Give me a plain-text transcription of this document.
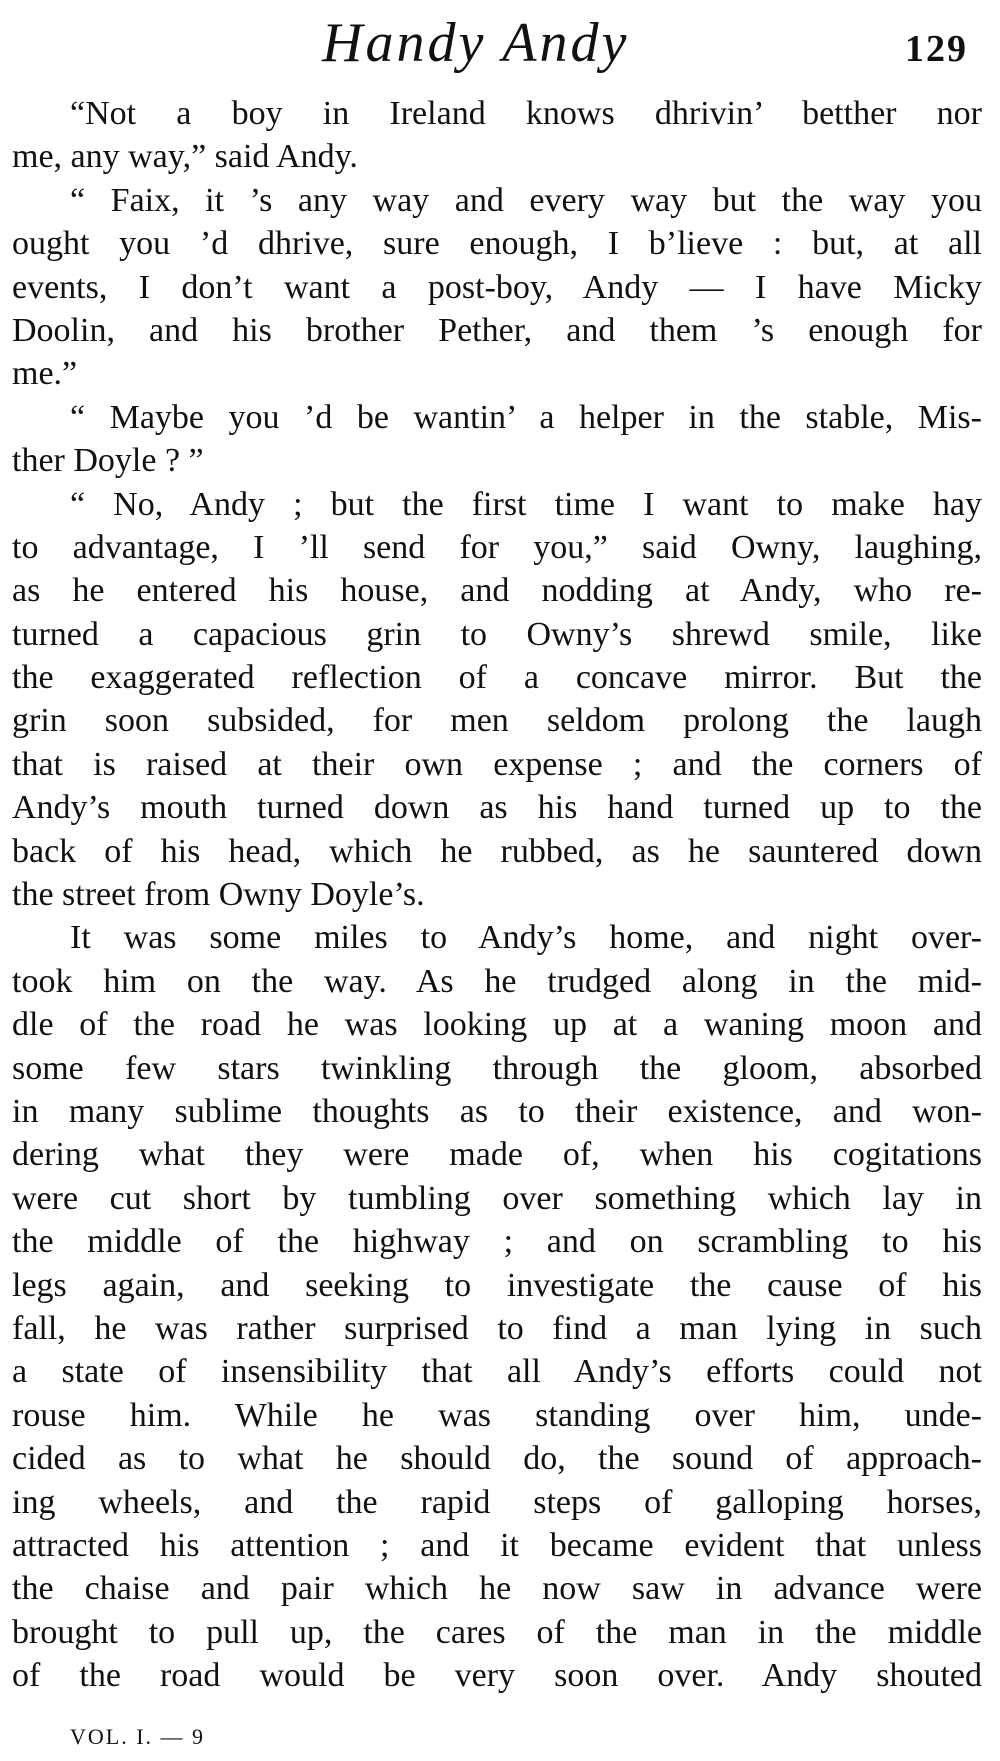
Handy Andy	129
“Not a boy in Ireland knows dhrivin’ betther nor
me, any way,” said Andy.
“ Faix, it ’s any way and every way but the way you
ought you ’d dhrive, sure enough, I b’lieve : but, at all
events, I don’t want a post-boy, Andy — I have Micky
Doolin, and his brother Pether, and them ’s enough for
me.”
“ Maybe you ’d be wantin’ a helper in the stable, Mis-
ther Doyle ? ”
“ No, Andy ; but the first time I want to make hay
to advantage, I ’ll send for you,” said Owny, laughing,
as he entered his house, and nodding at Andy, who re-
turned a capacious grin to Owny’s shrewd smile, like
the exaggerated reflection of a concave mirror. But the
grin soon subsided, for men seldom prolong the laugh
that is raised at their own expense ; and the corners of
Andy’s mouth turned down as his hand turned up to the
back of his head, which he rubbed, as he sauntered down
the street from Owny Doyle’s.
It was some miles to Andy’s home, and night over-
took him on the way. As he trudged along in the mid-
dle of the road he was looking up at a waning moon and
some few stars twinkling through the gloom, absorbed
in many sublime thoughts as to their existence, and won-
dering what they were made of, when his cogitations
were cut short by tumbling over something which lay in
the middle of the highway ; and on scrambling to his
legs again, and seeking to investigate the cause of his
fall, he was rather surprised to find a man lying in such
a state of insensibility that all Andy’s efforts could not
rouse him. While he was standing over him, unde-
cided as to what he should do, the sound of approach-
ing wheels, and the rapid steps of galloping horses,
attracted his attention ; and it became evident that unless
the chaise and pair which he now saw in advance were
brought to pull up, the cares of the man in the middle
of the road would be very soon over. Andy shouted
VOL. I. — 9
